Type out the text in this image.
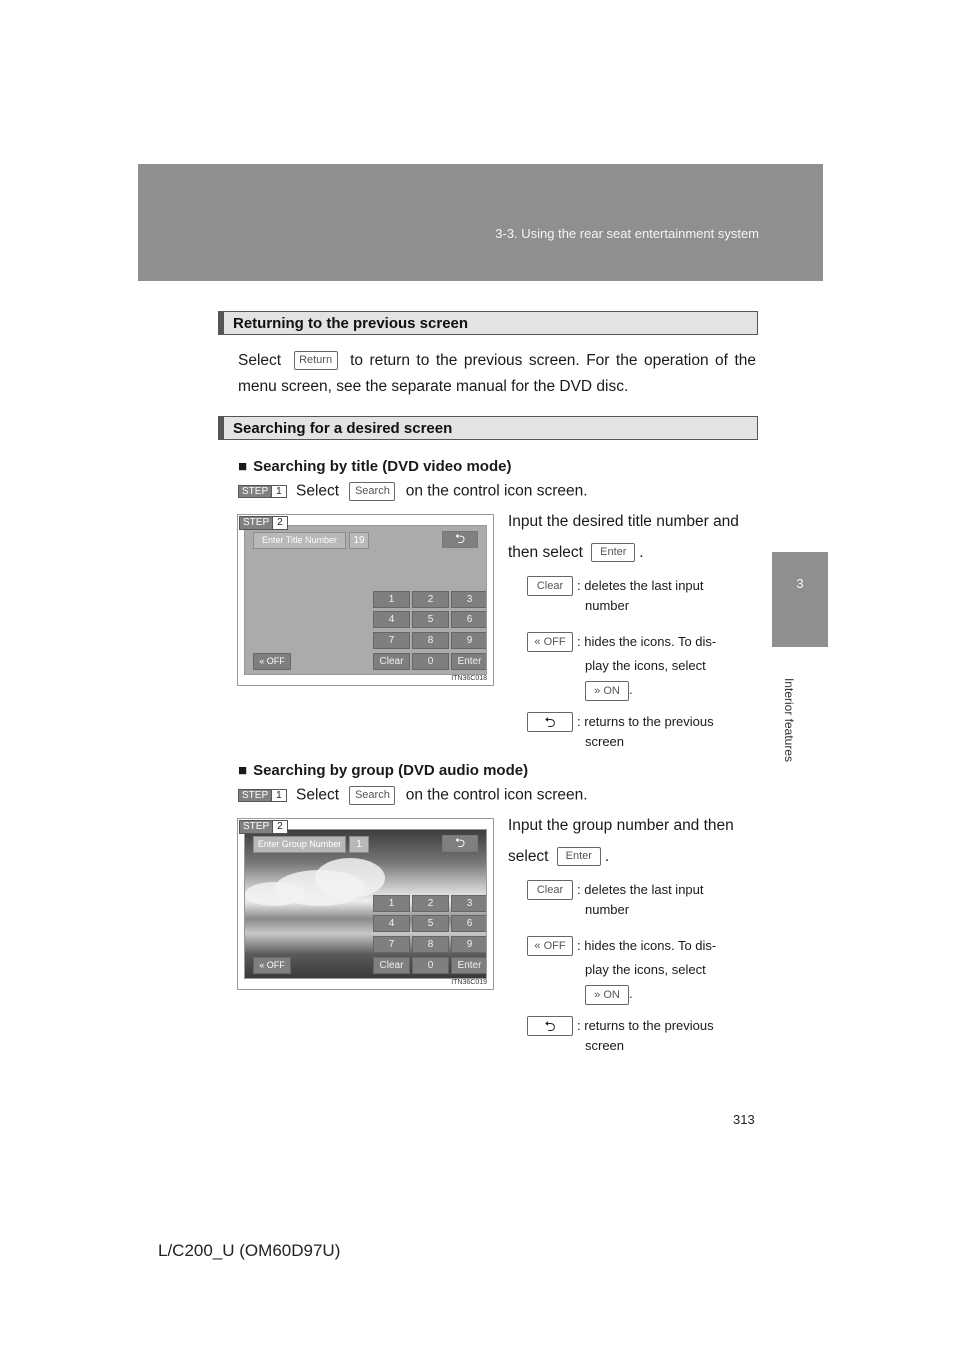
3-3. Using the rear seat entertainment system
3
Interior features
Returning to the previous screen
Select Return to return to the previous screen. For the operation of the menu screen, see the separate manual for the DVD disc.
Searching for a desired screen
■ Searching by title (DVD video mode)
STEP 1 Select Search on the control icon screen.
STEP 2
Enter Title Number	19	⮌
1	2	3
4	5	6
7	8	9
Clear	0	Enter
« OFF
ITN36C018
Input the desired title number and then select Enter .
Clear	: deletes the last input
number
« OFF : hides the icons. To dis-
play the icons, select
» ON .
⮌	: returns to the previous
screen
■ Searching by group (DVD audio mode)
STEP 1 Select Search on the control icon screen.
STEP 2
Enter Group Number	1	⮌
1	2	3
4	5	6
7	8	9
Clear	0	Enter
« OFF
ITN36C019
Input the group number and then select Enter .
Clear	: deletes the last input
number
« OFF : hides the icons. To dis-
play the icons, select
» ON .
⮌	: returns to the previous
screen
313
L/C200_U (OM60D97U)
